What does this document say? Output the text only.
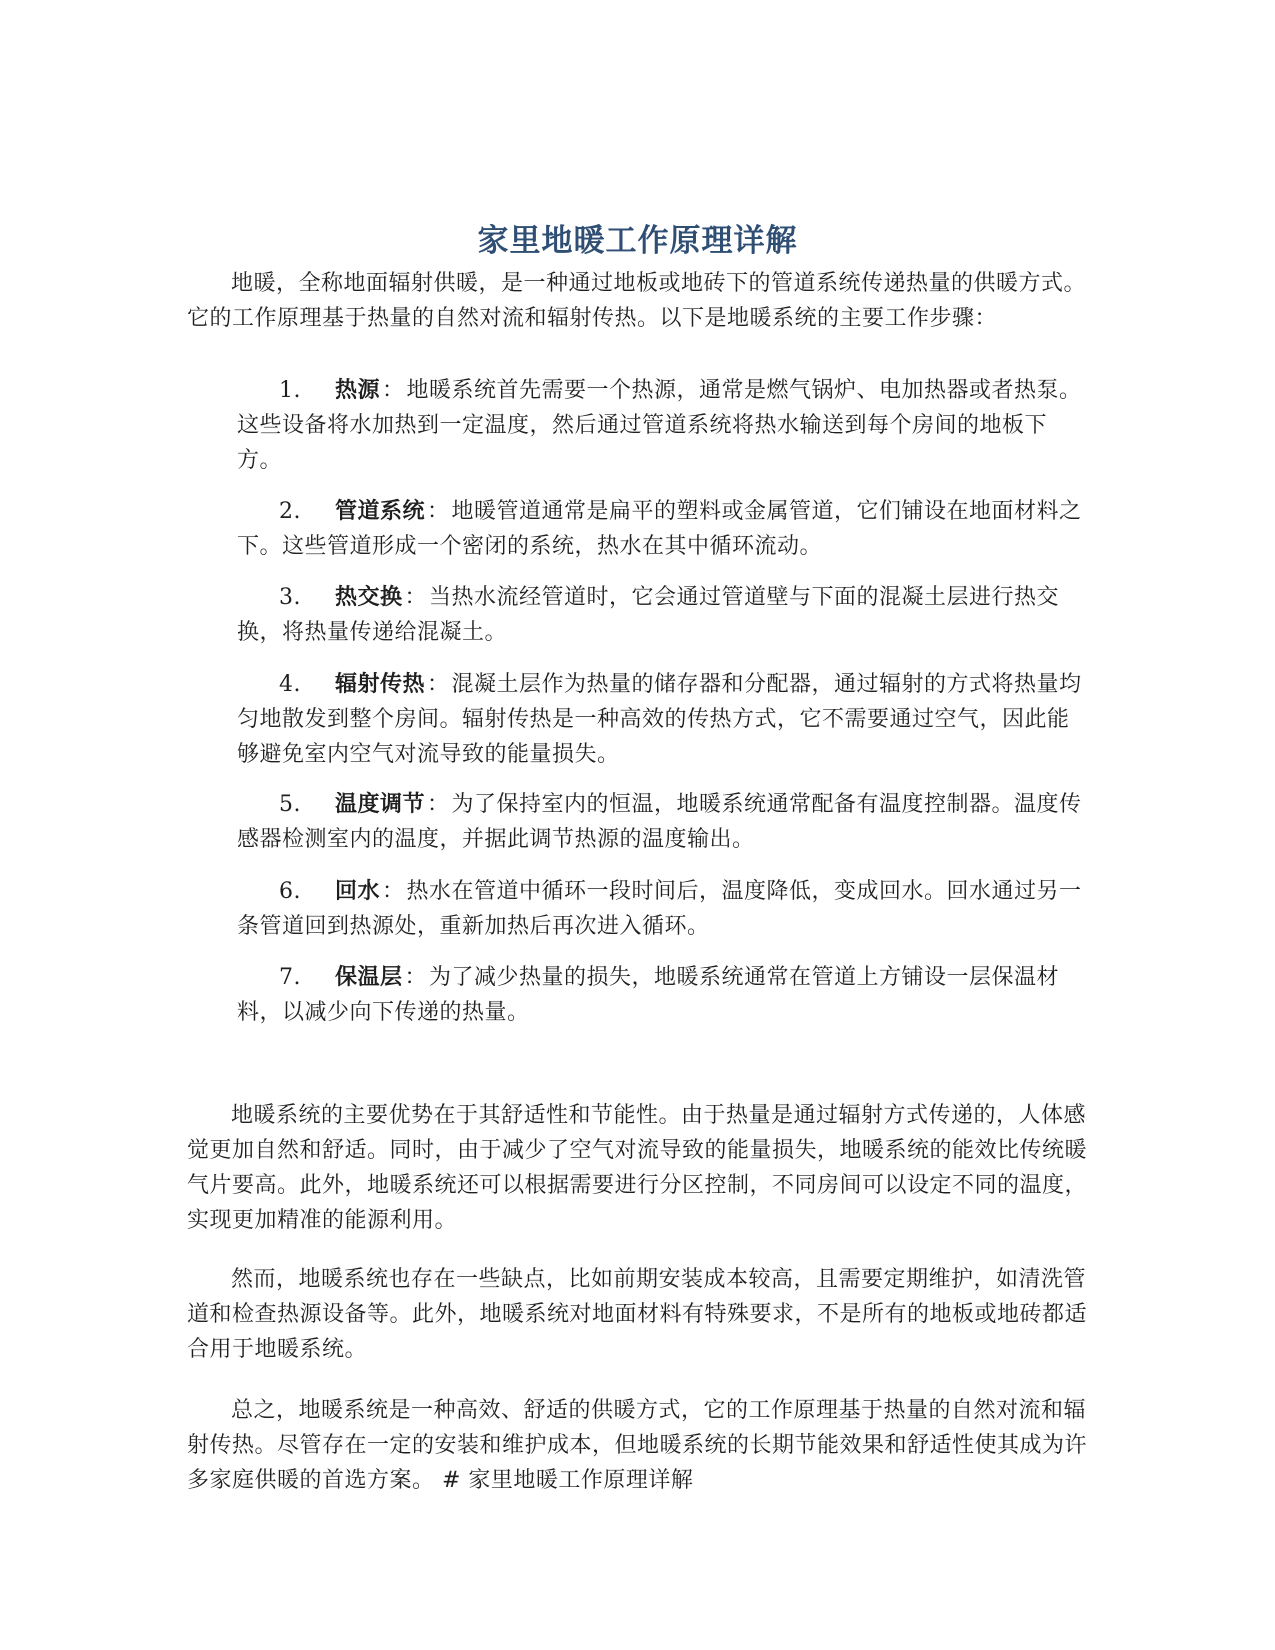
家里地暖工作原理详解

地暖，全称地面辐射供暖，是一种通过地板或地砖下的管道系统传递热量的供暖方式。它的工作原理基于热量的自然对流和辐射传热。以下是地暖系统的主要工作步骤：

1. 热源：地暖系统首先需要一个热源，通常是燃气锅炉、电加热器或者热泵。这些设备将水加热到一定温度，然后通过管道系统将热水输送到每个房间的地板下方。
2. 管道系统：地暖管道通常是扁平的塑料或金属管道，它们铺设在地面材料之下。这些管道形成一个密闭的系统，热水在其中循环流动。
3. 热交换：当热水流经管道时，它会通过管道壁与下面的混凝土层进行热交换，将热量传递给混凝土。
4. 辐射传热：混凝土层作为热量的储存器和分配器，通过辐射的方式将热量均匀地散发到整个房间。辐射传热是一种高效的传热方式，它不需要通过空气，因此能够避免室内空气对流导致的能量损失。
5. 温度调节：为了保持室内的恒温，地暖系统通常配备有温度控制器。温度传感器检测室内的温度，并据此调节热源的温度输出。
6. 回水：热水在管道中循环一段时间后，温度降低，变成回水。回水通过另一条管道回到热源处，重新加热后再次进入循环。
7. 保温层：为了减少热量的损失，地暖系统通常在管道上方铺设一层保温材料，以减少向下传递的热量。

地暖系统的主要优势在于其舒适性和节能性。由于热量是通过辐射方式传递的，人体感觉更加自然和舒适。同时，由于减少了空气对流导致的能量损失，地暖系统的能效比传统暖气片要高。此外，地暖系统还可以根据需要进行分区控制，不同房间可以设定不同的温度，实现更加精准的能源利用。

然而，地暖系统也存在一些缺点，比如前期安装成本较高，且需要定期维护，如清洗管道和检查热源设备等。此外，地暖系统对地面材料有特殊要求，不是所有的地板或地砖都适合用于地暖系统。

总之，地暖系统是一种高效、舒适的供暖方式，它的工作原理基于热量的自然对流和辐射传热。尽管存在一定的安装和维护成本，但地暖系统的长期节能效果和舒适性使其成为许多家庭供暖的首选方案。 # 家里地暖工作原理详解
